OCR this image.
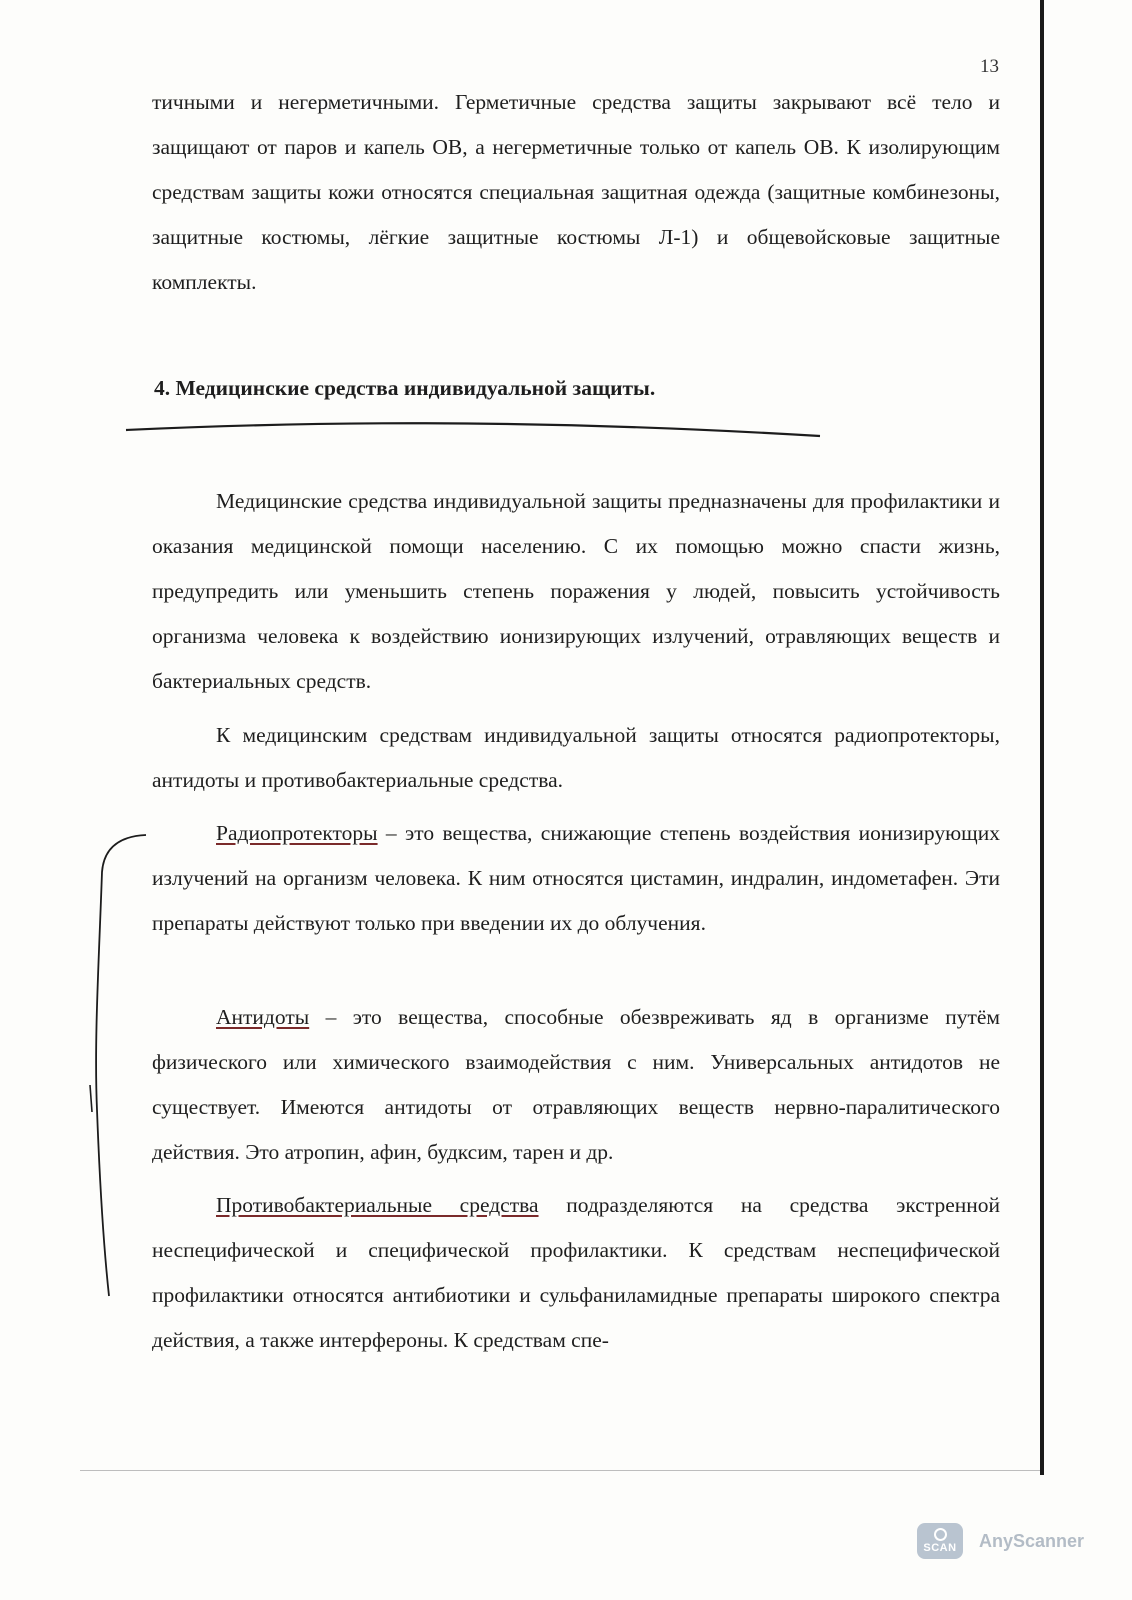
13

тичными и негерметичными. Герметичные средства защиты закрывают всё тело и защищают от паров и капель ОВ, а негерметичные только от капель ОВ. К изолирующим средствам защиты кожи относятся специальная защитная одежда (защитные комбинезоны, защитные костюмы, лёгкие защитные костюмы Л-1) и общевойсковые защитные комплекты.

4. Медицинские средства индивидуальной защиты.

Медицинские средства индивидуальной защиты предназначены для профилактики и оказания медицинской помощи населению. С их помощью можно спасти жизнь, предупредить или уменьшить степень поражения у людей, повысить устойчивость организма человека к воздействию ионизирующих излучений, отравляющих веществ и бактериальных средств.

К медицинским средствам индивидуальной защиты относятся радиопротекторы, антидоты и противобактериальные средства.

Радиопротекторы – это вещества, снижающие степень воздействия ионизирующих излучений на организм человека. К ним относятся цистамин, индралин, индометафен. Эти препараты действуют только при введении их до облучения.

Антидоты – это вещества, способные обезвреживать яд в организме путём физического или химического взаимодействия с ним. Универсальных антидотов не существует. Имеются антидоты от отравляющих веществ нервно-паралитического действия. Это атропин, афин, будксим, тарен и др.

Противобактериальные средства подразделяются на средства экстренной неспецифической и специфической профилактики. К средствам неспецифической профилактики относятся антибиотики и сульфаниламидные препараты широкого спектра действия, а также интерфероны. К средствам спе-

SCAN AnyScanner
